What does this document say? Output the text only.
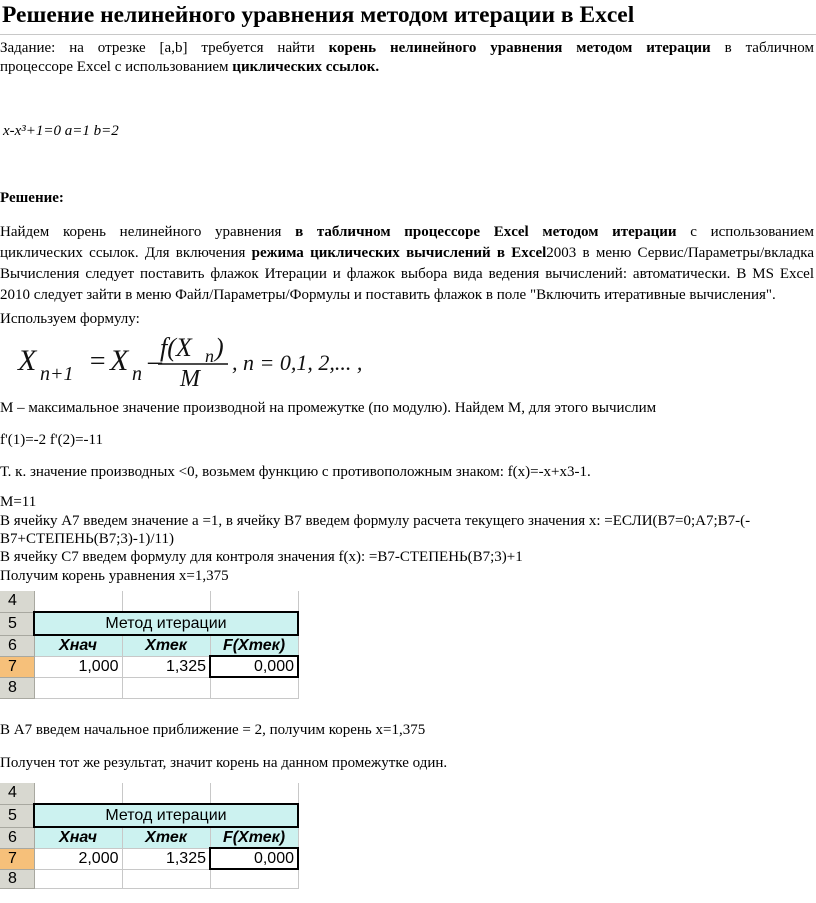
Решение нелинейного уравнения методом итерации в Excel
Задание: на отрезке [a,b] требуется найти корень нелинейного уравнения методом итерации в табличном
процессоре Excel с использованием циклических ссылок.
x-x³+1=0 a=1 b=2
Решение:
Найдем корень нелинейного уравнения в табличном процессоре Excel методом итерации с использованием
циклических ссылок. Для включения режима циклических вычислений в Excel2003 в меню Сервис/Параметры/вкладка
Вычисления следует поставить флажок Итерации и флажок выбора вида ведения вычислений: автоматически. В MS Excel
2010 следует зайти в меню Файл/Параметры/Формулы и поставить флажок в поле "Включить итеративные вычисления".
Используем формулу:
X n+1 = X n –
f(X n )
M
, n = 0,1, 2,... ,
M – максимальное значение производной на промежутке (по модулю). Найдем М, для этого вычислим
f'(1)=-2 f'(2)=-11
Т. к. значение производных <0, возьмем функцию с противоположным знаком: f(x)=-x+x3-1.
M=11
В ячейку A7 введем значение а =1, в ячейку B7 введем формулу расчета текущего значения х: =ЕСЛИ(B7=0;A7;B7-(-
B7+СТЕПЕНЬ(B7;3)-1)/11)
В ячейку С7 введем формулу для контроля значения f(x): =B7-СТЕПЕНЬ(B7;3)+1
Получим корень уравнения х=1,375
4			
5	Метод итерации		
6	Xнач	Xтек	F(Xтек)
7	1,000	1,325	0,000
8			
В А7 введем начальное приближение = 2, получим корень х=1,375
Получен тот же результат, значит корень на данном промежутке один.
4			
5	Метод итерации		
6	Xнач	Xтек	F(Xтек)
7	2,000	1,325	0,000
8			
